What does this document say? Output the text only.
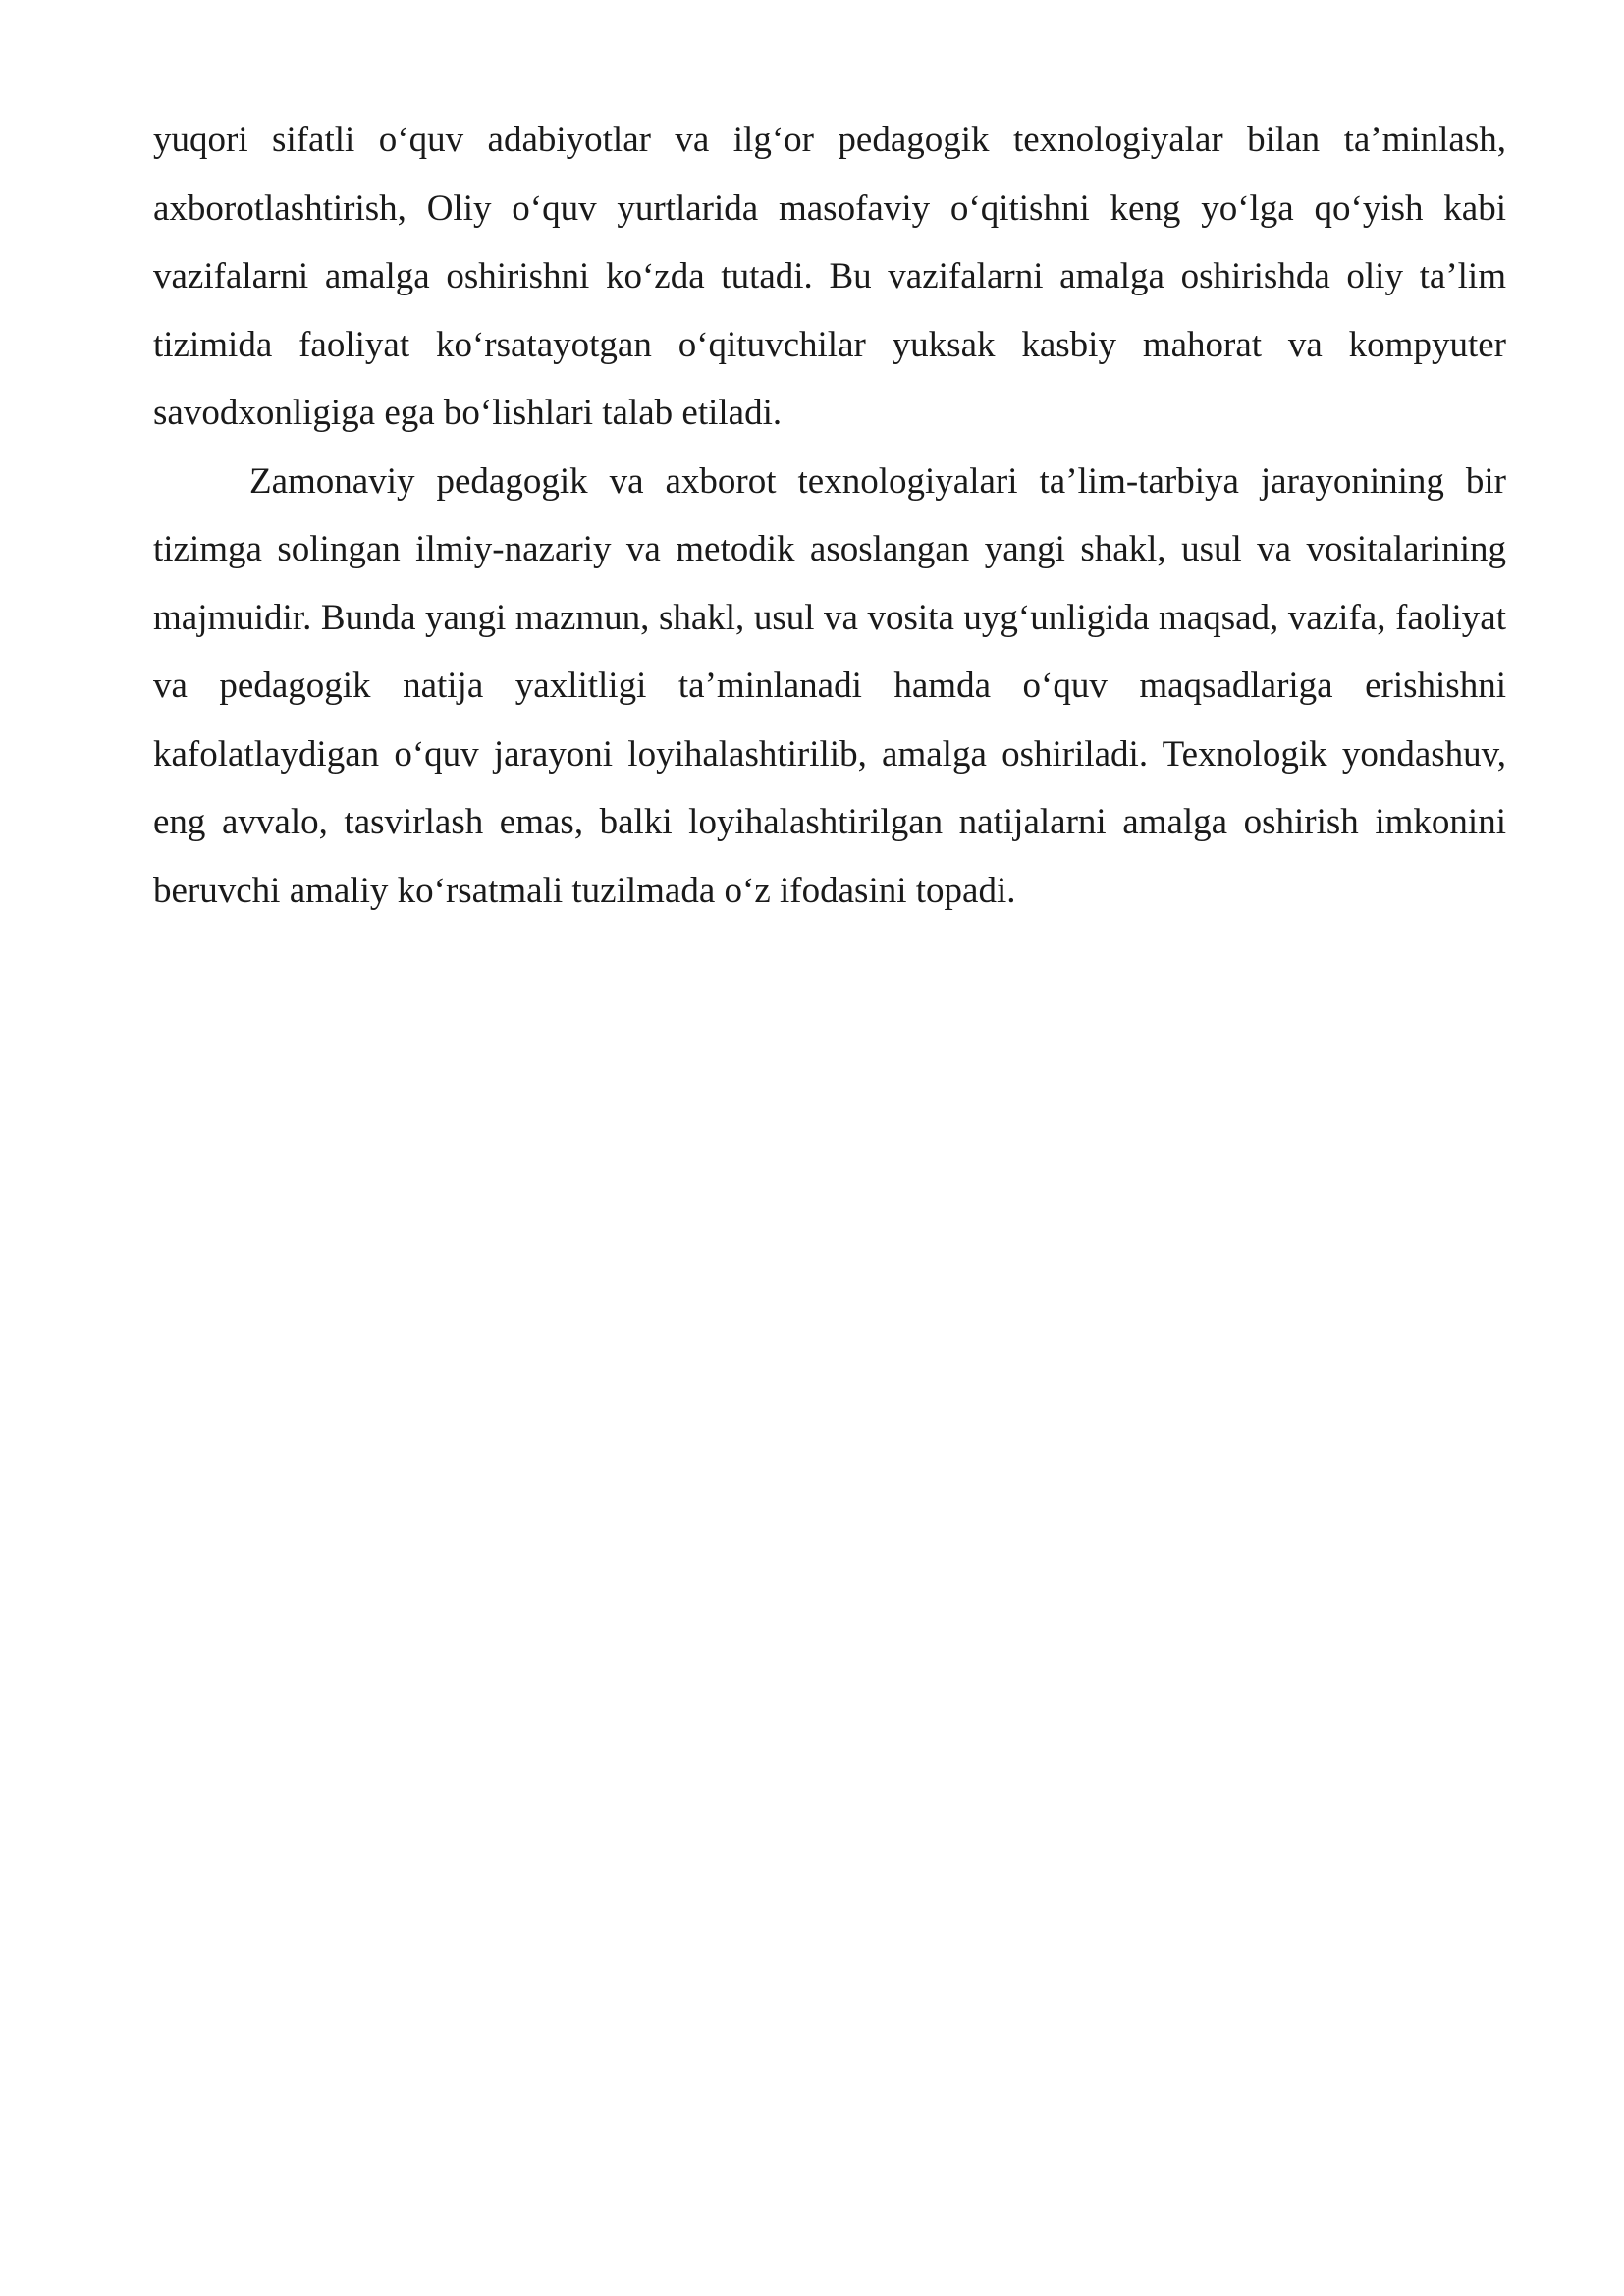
yuqori sifatli o‘quv adabiyotlar va ilg‘or pedagogik texnologiyalar bilan ta’minlash, axborotlashtirish, Oliy o‘quv yurtlarida masofaviy o‘qitishni keng yo‘lga qo‘yish kabi vazifalarni amalga oshirishni ko‘zda tutadi. Bu vazifalarni amalga oshirishda oliy ta’lim tizimida faoliyat ko‘rsatayotgan o‘qituvchilar yuksak kasbiy mahorat va kompyuter savodxonligiga ega bo‘lishlari talab etiladi.

Zamonaviy pedagogik va axborot texnologiyalari ta’lim-tarbiya jarayonining bir tizimga solingan ilmiy-nazariy va metodik asoslangan yangi shakl, usul va vositalarining majmuidir. Bunda yangi mazmun, shakl, usul va vosita uyg‘unligida maqsad, vazifa, faoliyat va pedagogik natija yaxlitligi ta’minlanadi hamda o‘quv maqsadlariga erishishni kafolatlaydigan o‘quv jarayoni loyihalashtirilib, amalga oshiriladi. Texnologik yondashuv, eng avvalo, tasvirlash emas, balki loyihalashtirilgan natijalarni amalga oshirish imkonini beruvchi amaliy ko‘rsatmali tuzilmada o‘z ifodasini topadi.
